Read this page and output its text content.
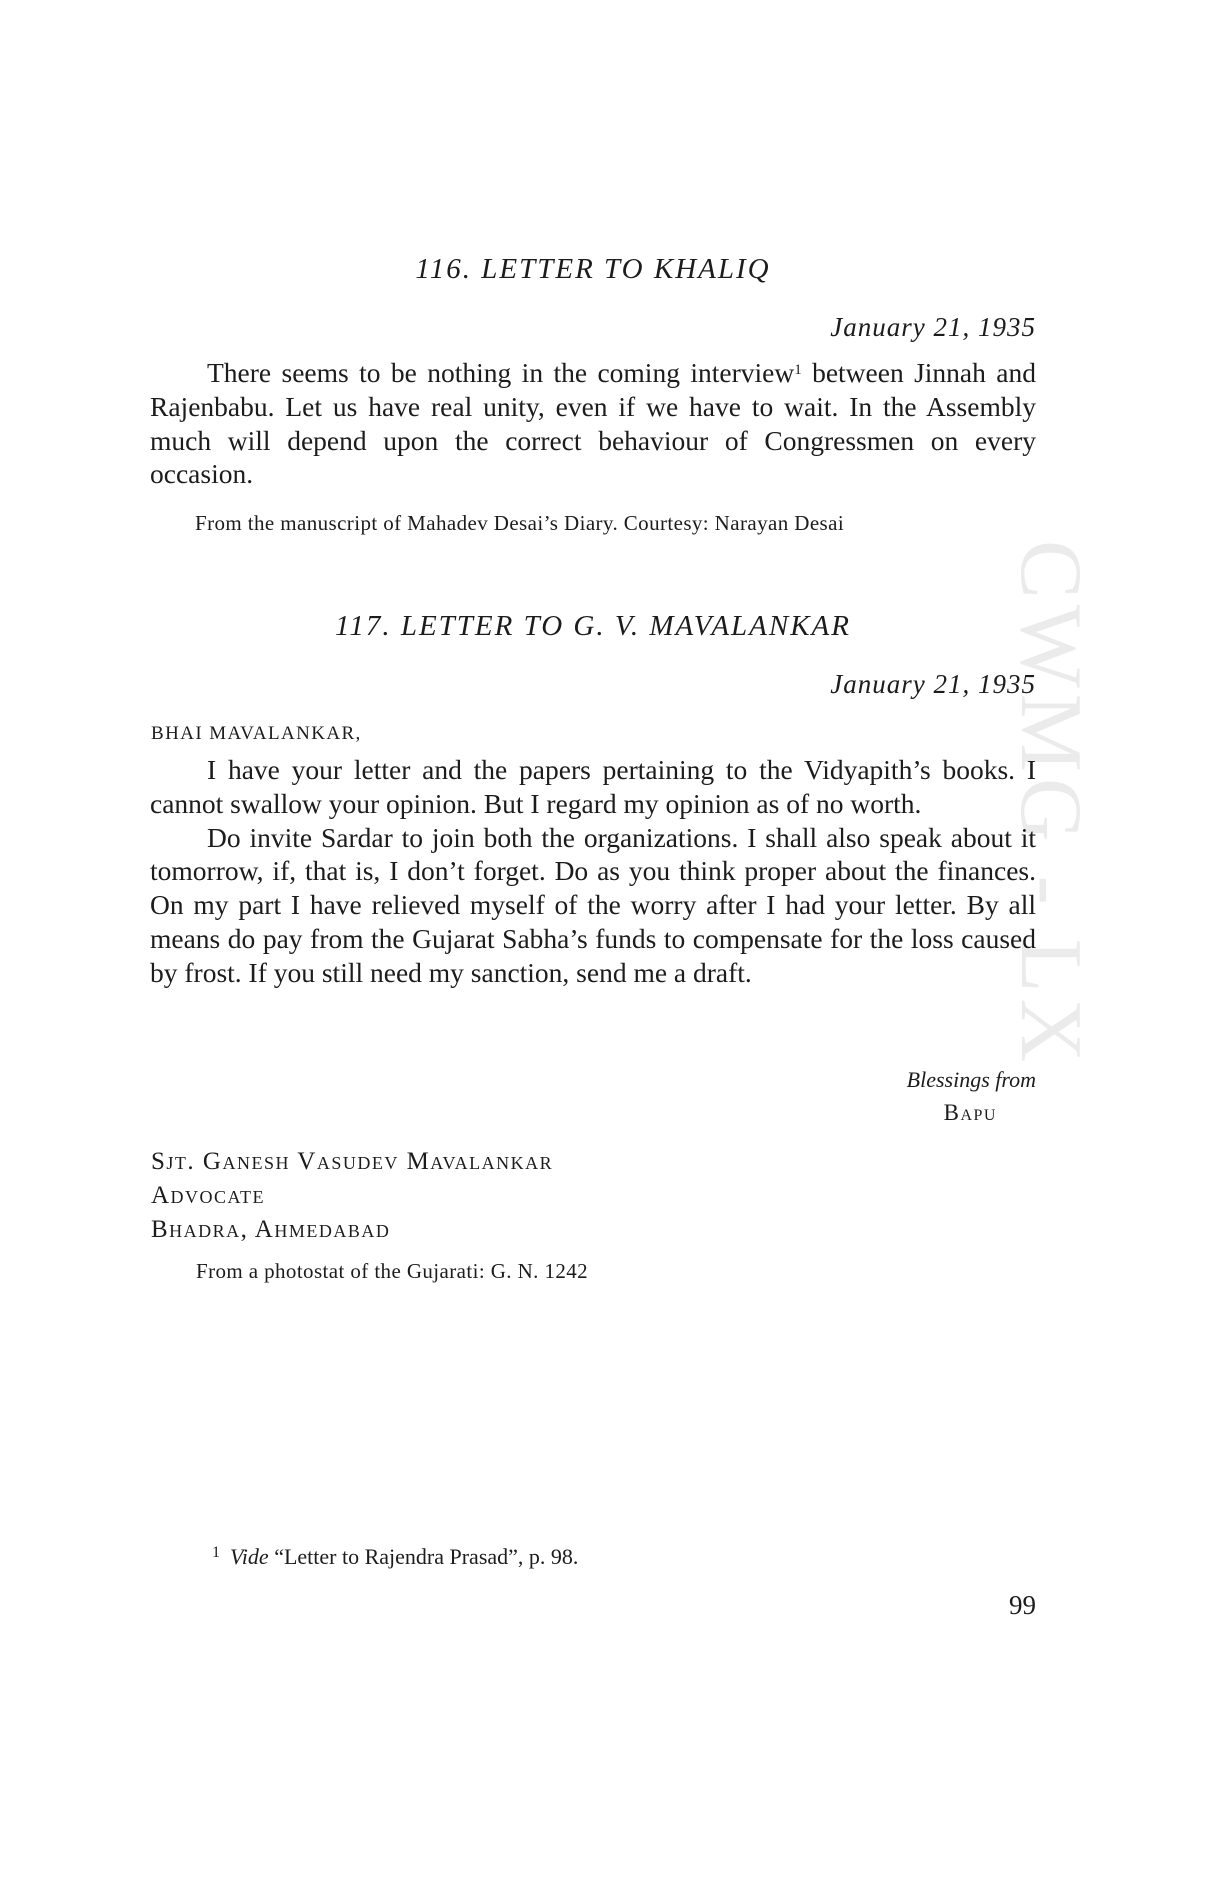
CWMG - LX
116. LETTER TO KHALIQ
January 21, 1935

There seems to be nothing in the coming interview$^1$ between Jinnah and Rajenbabu. Let us have real unity, even if we have to wait. In the Assembly much will depend upon the correct behaviour of Congressmen on every occasion.

From the manuscript of Mahadev Desai’s Diary. Courtesy: Narayan Desai
117. LETTER TO G. V. MAVALANKAR
January 21, 1935
BHAI MAVALANKAR,

I have your letter and the papers pertaining to the Vidyapith’s books. I cannot swallow your opinion. But I regard my opinion as of no worth.

Do invite Sardar to join both the organizations. I shall also speak about it tomorrow, if, that is, I don’t forget. Do as you think proper about the finances. On my part I have relieved myself of the worry after I had your letter. By all means do pay from the Gujarat Sabha’s funds to compensate for the loss caused by frost. If you still need my sanction, send me a draft.

Blessings from
Bapu
Sjt. Ganesh Vasudev Mavalankar
Advocate
Bhadra, Ahmedabad
From a photostat of the Gujarati: G. N. 1242
$^1$ Vide “Letter to Rajendra Prasad”, p. 98.
99
